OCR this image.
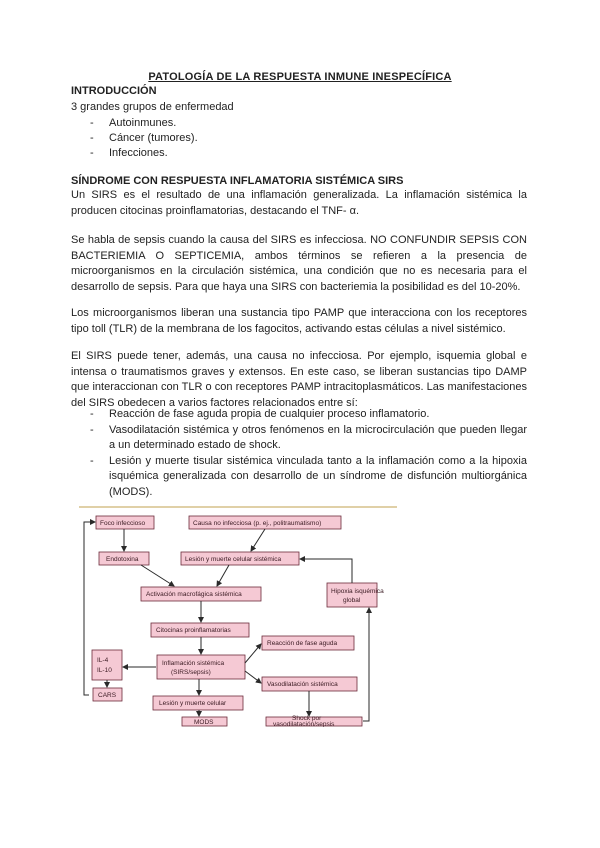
PATOLOGÍA DE LA RESPUESTA INMUNE INESPECÍFICA
INTRODUCCIÓN
3 grandes grupos de enfermedad
- Autoinmunes.
- Cáncer (tumores).
- Infecciones.
SÍNDROME CON RESPUESTA INFLAMATORIA SISTÉMICA SIRS
Un SIRS es el resultado de una inflamación generalizada. La inflamación sistémica la producen citocinas proinflamatorias, destacando el TNF- α.
Se habla de sepsis cuando la causa del SIRS es infecciosa. NO CONFUNDIR SEPSIS CON BACTERIEMIA O SEPTICEMIA, ambos términos se refieren a la presencia de microorganismos en la circulación sistémica, una condición que no es necesaria para el desarrollo de sepsis. Para que haya una SIRS con bacteriemia la posibilidad es del 10-20%.
Los microorganismos liberan una sustancia tipo PAMP que interacciona con los receptores tipo toll (TLR) de la membrana de los fagocitos, activando estas células a nivel sistémico.
El SIRS puede tener, además, una causa no infecciosa. Por ejemplo, isquemia global e intensa o traumatismos graves y extensos. En este caso, se liberan sustancias tipo DAMP que interaccionan con TLR o con receptores PAMP intracitoplasmáticos. Las manifestaciones del SIRS obedecen a varios factores relacionados entre sí:
- Reacción de fase aguda propia de cualquier proceso inflamatorio.
- Vasodilatación sistémica y otros fenómenos en la microcirculación que pueden llegar a un determinado estado de shock.
- Lesión y muerte tisular sistémica vinculada tanto a la inflamación como a la hipoxia isquémica generalizada con desarrollo de un síndrome de disfunción multiorgánica (MODS).
Foco infeccioso	Causa no infecciosa (p. ej., politraumatismo)
Endotoxina	Lesión y muerte celular sistémica
Activación macrofágica sistémica	Hipoxia isquémica
global
Citocinas proinflamatorias
Reacción de fase aguda
IL-4
IL-10
Inflamación sistémica
(SIRS/sepsis)
Vasodilatación sistémica
CARS
Lesión y muerte celular
Shock por
vasodilatación/sepsis
MODS
